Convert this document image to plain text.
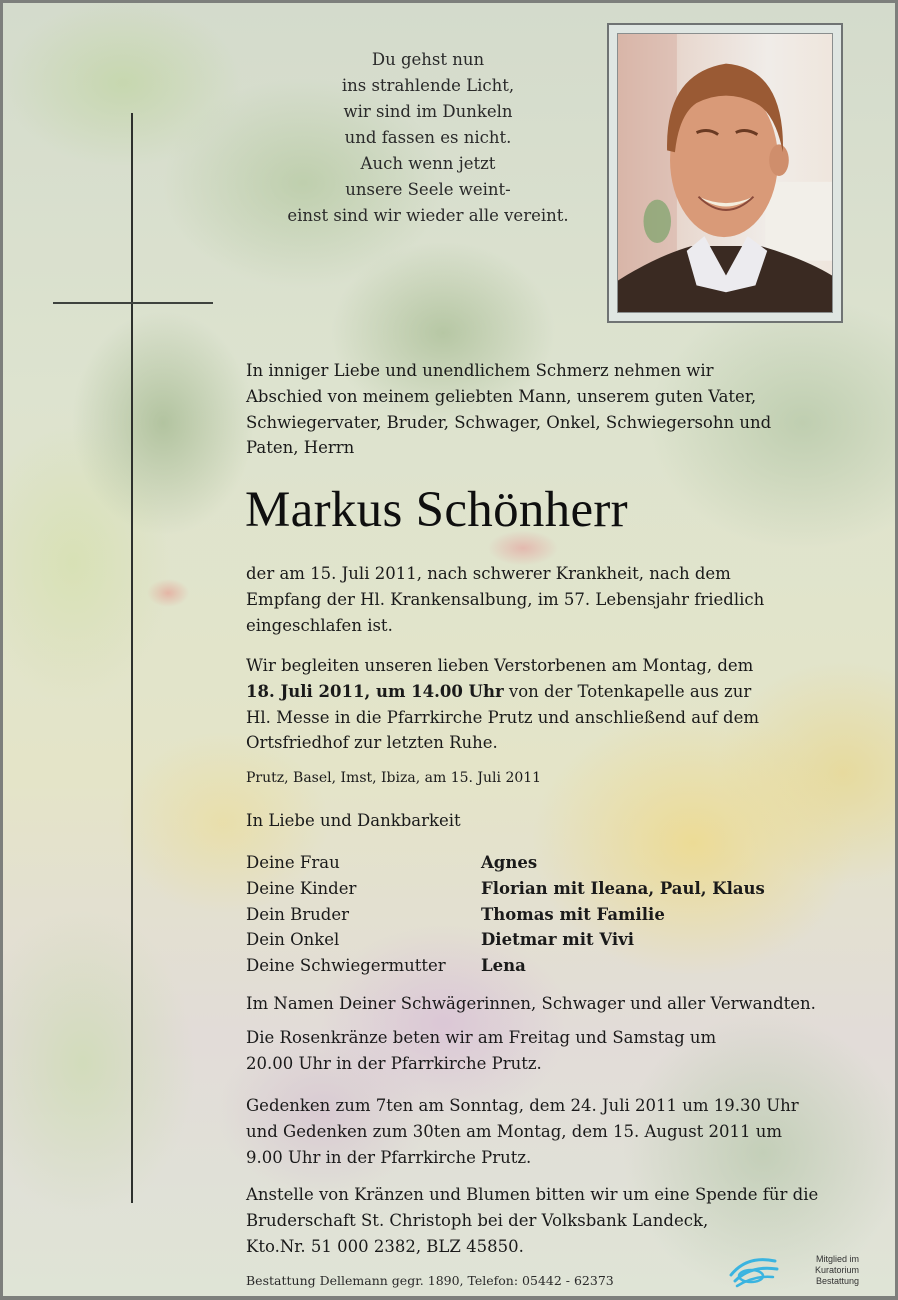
Du gehst nun
ins strahlende Licht,
wir sind im Dunkeln
und fassen es nicht.
Auch wenn jetzt
unsere Seele weint-
einst sind wir wieder alle vereint.
In inniger Liebe und unendlichem Schmerz nehmen wir
Abschied von meinem geliebten Mann, unserem guten Vater,
Schwiegervater, Bruder, Schwager, Onkel, Schwiegersohn und
Paten, Herrn
Markus Schönherr
der am 15. Juli 2011, nach schwerer Krankheit, nach dem
Empfang der Hl. Krankensalbung, im 57. Lebensjahr friedlich
eingeschlafen ist.
Wir begleiten unseren lieben Verstorbenen am Montag, dem
18. Juli 2011, um 14.00 Uhr von der Totenkapelle aus zur
Hl. Messe in die Pfarrkirche Prutz und anschließend auf dem
Ortsfriedhof zur letzten Ruhe.
Prutz, Basel, Imst, Ibiza, am 15. Juli 2011
In Liebe und Dankbarkeit
Deine Frau	Agnes
Deine Kinder	Florian mit Ileana, Paul, Klaus
Dein Bruder	Thomas mit Familie
Dein Onkel	Dietmar mit Vivi
Deine Schwiegermutter	Lena
Im Namen Deiner Schwägerinnen, Schwager und aller Verwandten.
Die Rosenkränze beten wir am Freitag und Samstag um
20.00 Uhr in der Pfarrkirche Prutz.
Gedenken zum 7ten am Sonntag, dem 24. Juli 2011 um 19.30 Uhr
und Gedenken zum 30ten am Montag, dem 15. August 2011 um
9.00 Uhr in der Pfarrkirche Prutz.
Anstelle von Kränzen und Blumen bitten wir um eine Spende für die
Bruderschaft St. Christoph bei der Volksbank Landeck,
Kto.Nr. 51 000 2382, BLZ 45850.
Bestattung Dellemann gegr. 1890, Telefon: 05442 - 62373
Mitglied im
Kuratorium Bestattung
